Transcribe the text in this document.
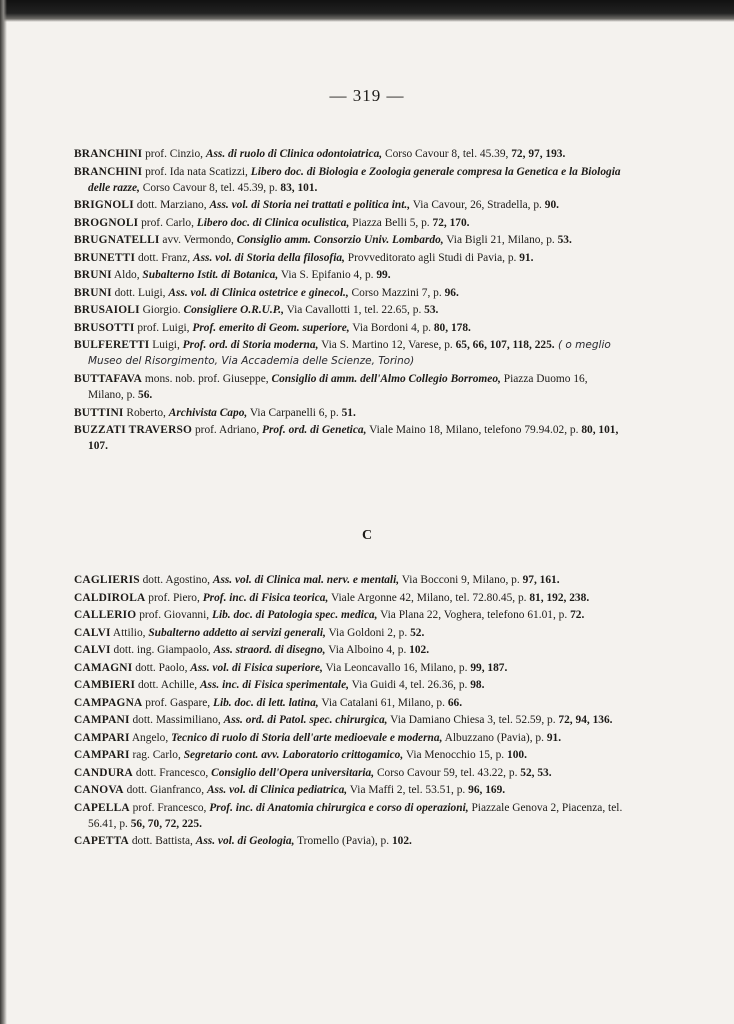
— 319 —
BRANCHINI prof. Cinzio, Ass. di ruolo di Clinica odontoiatrica, Corso Cavour 8, tel. 45.39, 72, 97, 193.
BRANCHINI prof. Ida nata Scatizzi, Libero doc. di Biologia e Zoologia generale compresa la Genetica e la Biologia delle razze, Corso Cavour 8, tel. 45.39, p. 83, 101.
BRIGNOLI dott. Marziano, Ass. vol. di Storia nei trattati e politica int., Via Cavour, 26, Stradella, p. 90.
BROGNOLI prof. Carlo, Libero doc. di Clinica oculistica, Piazza Belli 5, p. 72, 170.
BRUGNATELLI avv. Vermondo, Consiglio amm. Consorzio Univ. Lombardo, Via Bigli 21, Milano, p. 53.
BRUNETTI dott. Franz, Ass. vol. di Storia della filosofia, Provveditorato agli Studi di Pavia, p. 91.
BRUNI Aldo, Subalterno Istit. di Botanica, Via S. Epifanio 4, p. 99.
BRUNI dott. Luigi, Ass. vol. di Clinica ostetrice e ginecol., Corso Mazzini 7, p. 96.
BRUSAIOLI Giorgio. Consigliere O.R.U.P., Via Cavallotti 1, tel. 22.65, p. 53.
BRUSOTTI prof. Luigi, Prof. emerito di Geom. superiore, Via Bordoni 4, p. 80, 178.
BULFERETTI Luigi, Prof. ord. di Storia moderna, Via S. Martino 12, Varese, p. 65, 66, 107, 118, 225. ( o meglio Museo del Risorgimento, Via Accademia delle Scienze, Torino)
BUTTAFAVA mons. nob. prof. Giuseppe, Consiglio di amm. dell'Almo Collegio Borromeo, Piazza Duomo 16, Milano, p. 56.
BUTTINI Roberto, Archivista Capo, Via Carpanelli 6, p. 51.
BUZZATI TRAVERSO prof. Adriano, Prof. ord. di Genetica, Viale Maino 18, Milano, telefono 79.94.02, p. 80, 101, 107.
C
CAGLIERIS dott. Agostino, Ass. vol. di Clinica mal. nerv. e mentali, Via Bocconi 9, Milano, p. 97, 161.
CALDIROLA prof. Piero, Prof. inc. di Fisica teorica, Viale Argonne 42, Milano, tel. 72.80.45, p. 81, 192, 238.
CALLERIO prof. Giovanni, Lib. doc. di Patologia spec. medica, Via Plana 22, Voghera, telefono 61.01, p. 72.
CALVI Attilio, Subalterno addetto ai servizi generali, Via Goldoni 2, p. 52.
CALVI dott. ing. Giampaolo, Ass. straord. di disegno, Via Alboino 4, p. 102.
CAMAGNI dott. Paolo, Ass. vol. di Fisica superiore, Via Leoncavallo 16, Milano, p. 99, 187.
CAMBIERI dott. Achille, Ass. inc. di Fisica sperimentale, Via Guidi 4, tel. 26.36, p. 98.
CAMPAGNA prof. Gaspare, Lib. doc. di lett. latina, Via Catalani 61, Milano, p. 66.
CAMPANI dott. Massimiliano, Ass. ord. di Patol. spec. chirurgica, Via Damiano Chiesa 3, tel. 52.59, p. 72, 94, 136.
CAMPARI Angelo, Tecnico di ruolo di Storia dell'arte medioevale e moderna, Albuzzano (Pavia), p. 91.
CAMPARI rag. Carlo, Segretario cont. avv. Laboratorio crittogamico, Via Menocchio 15, p. 100.
CANDURA dott. Francesco, Consiglio dell'Opera universitaria, Corso Cavour 59, tel. 43.22, p. 52, 53.
CANOVA dott. Gianfranco, Ass. vol. di Clinica pediatrica, Via Maffi 2, tel. 53.51, p. 96, 169.
CAPELLA prof. Francesco, Prof. inc. di Anatomia chirurgica e corso di operazioni, Piazzale Genova 2, Piacenza, tel. 56.41, p. 56, 70, 72, 225.
CAPETTA dott. Battista, Ass. vol. di Geologia, Tromello (Pavia), p. 102.
